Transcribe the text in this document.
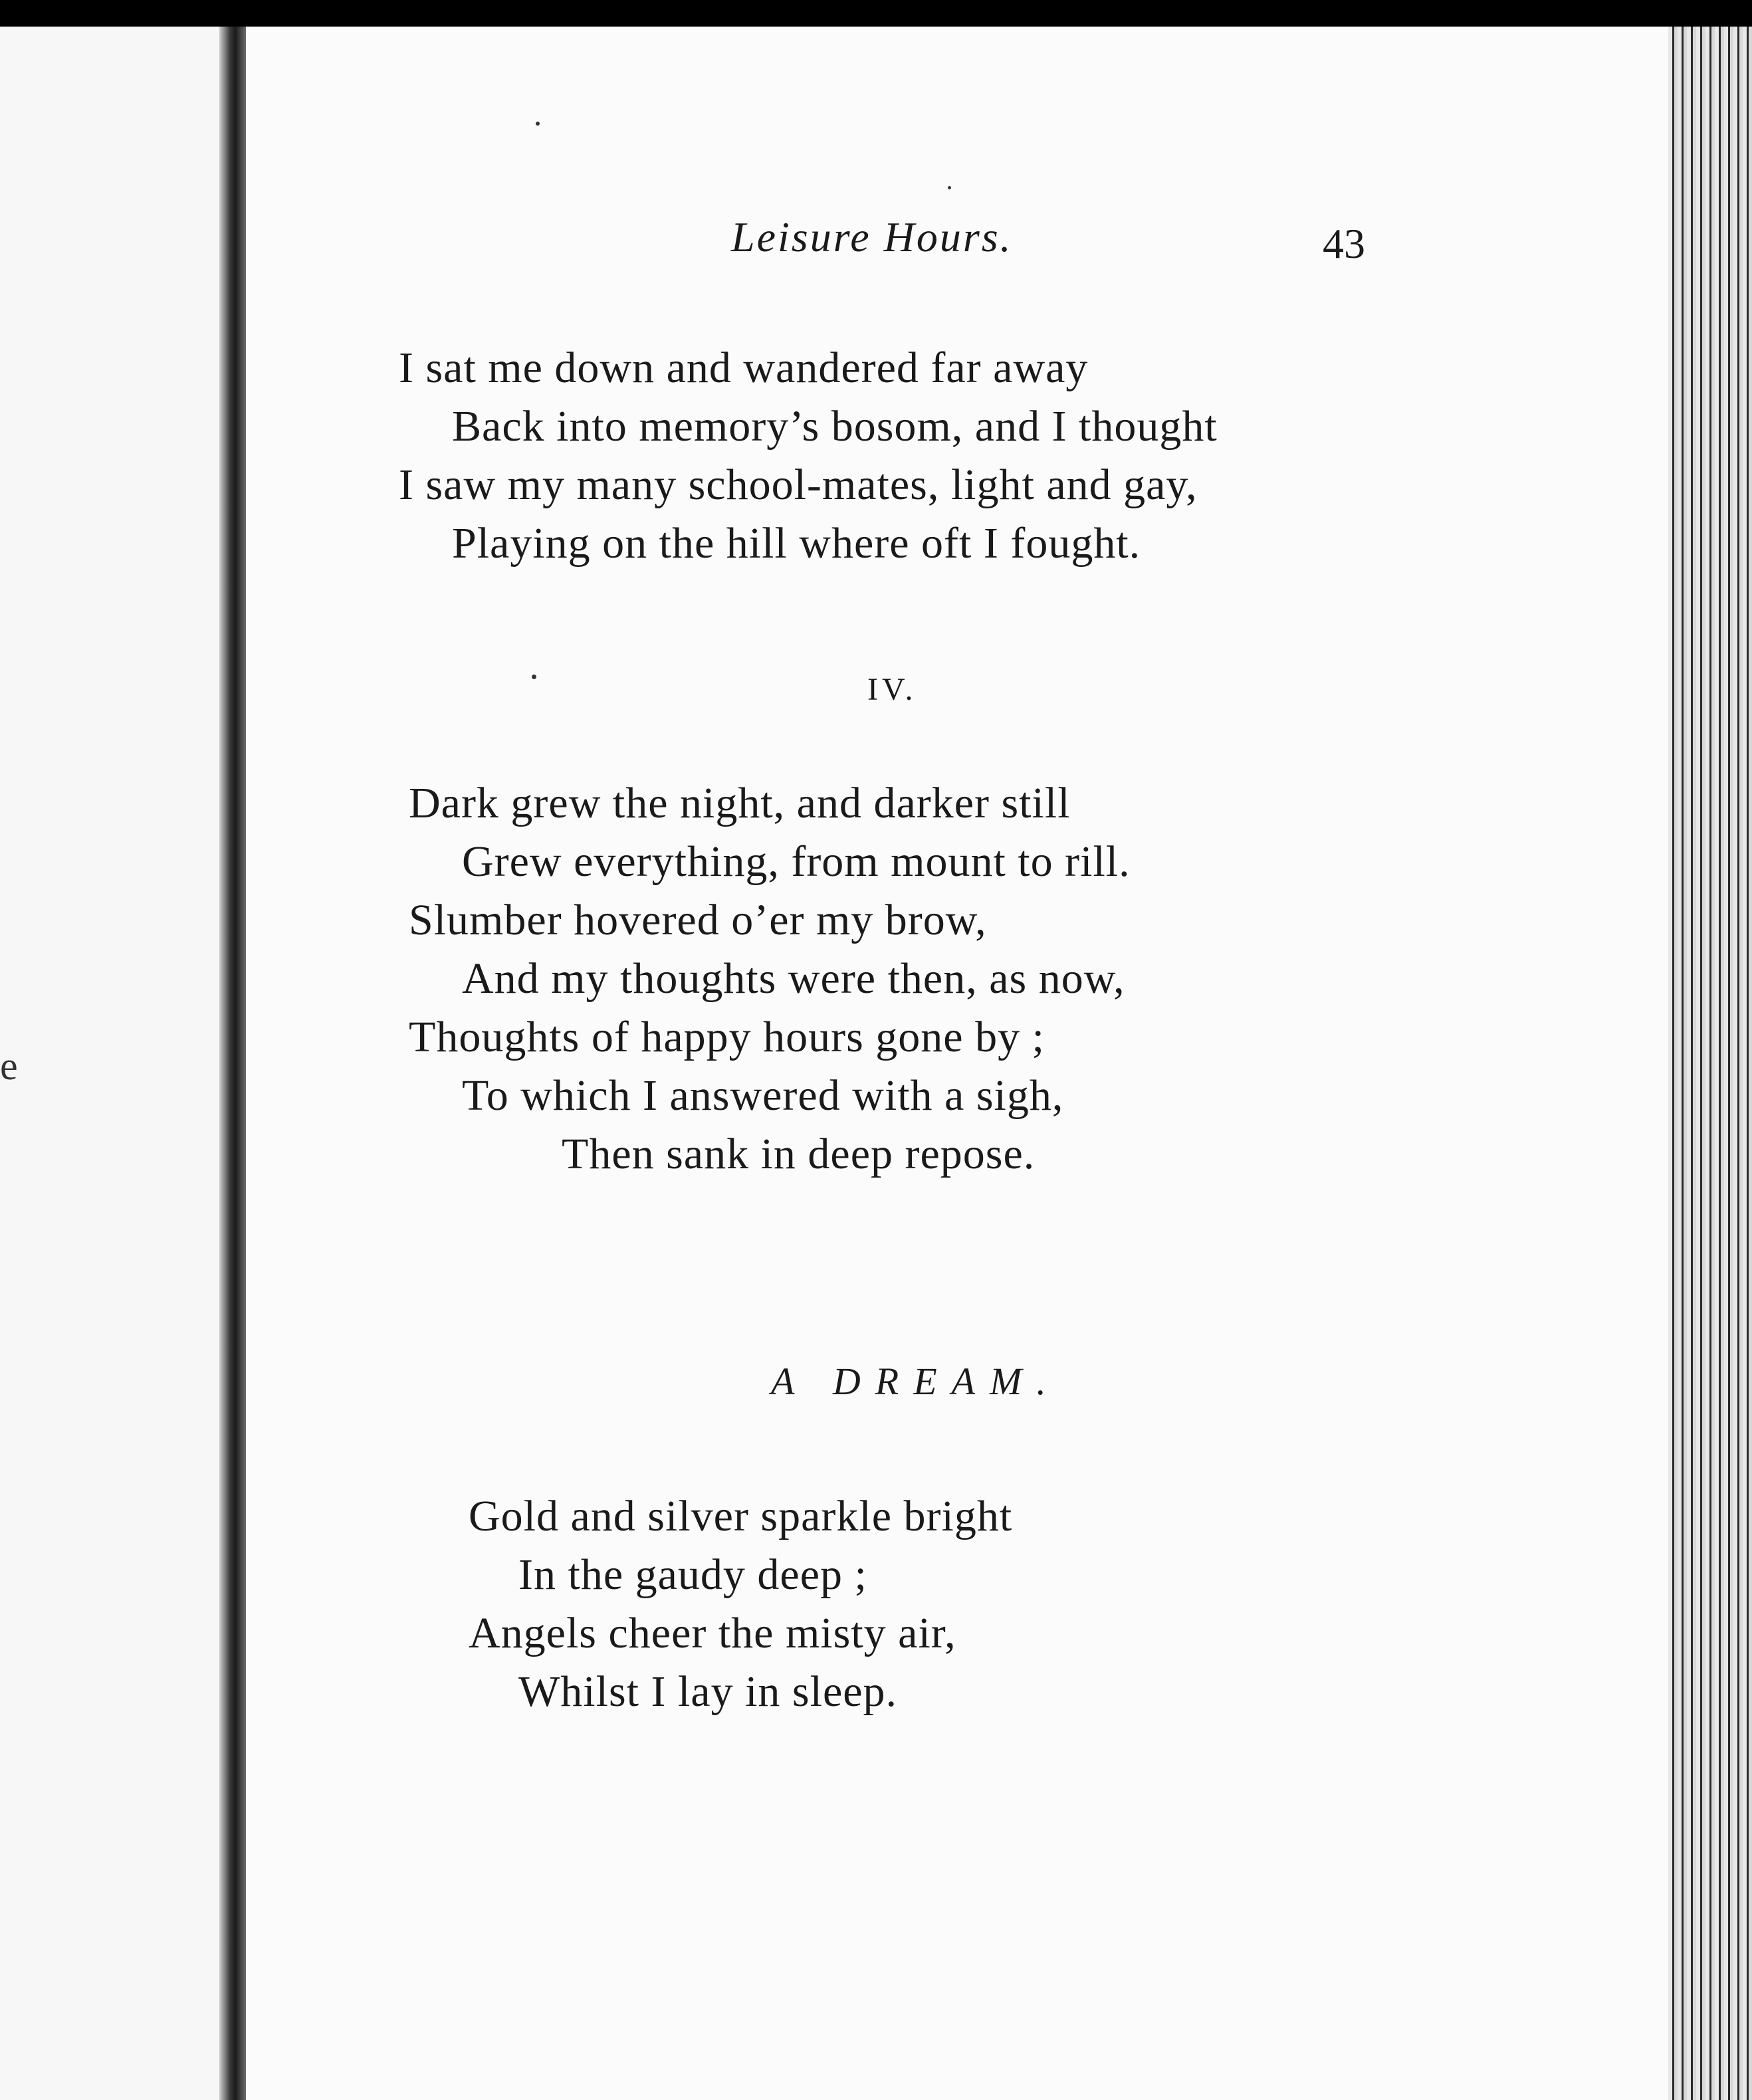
e
Leisure Hours.	43
I sat me down and wandered far away
Back into memory’s bosom, and I thought
I saw my many school-mates, light and gay,
Playing on the hill where oft I fought.
IV.
Dark grew the night, and darker still
Grew everything, from mount to rill.
Slumber hovered o’er my brow,
And my thoughts were then, as now,
Thoughts of happy hours gone by ;
To which I answered with a sigh,
Then sank in deep repose.
A DREAM.
Gold and silver sparkle bright
In the gaudy deep ;
Angels cheer the misty air,
Whilst I lay in sleep.
